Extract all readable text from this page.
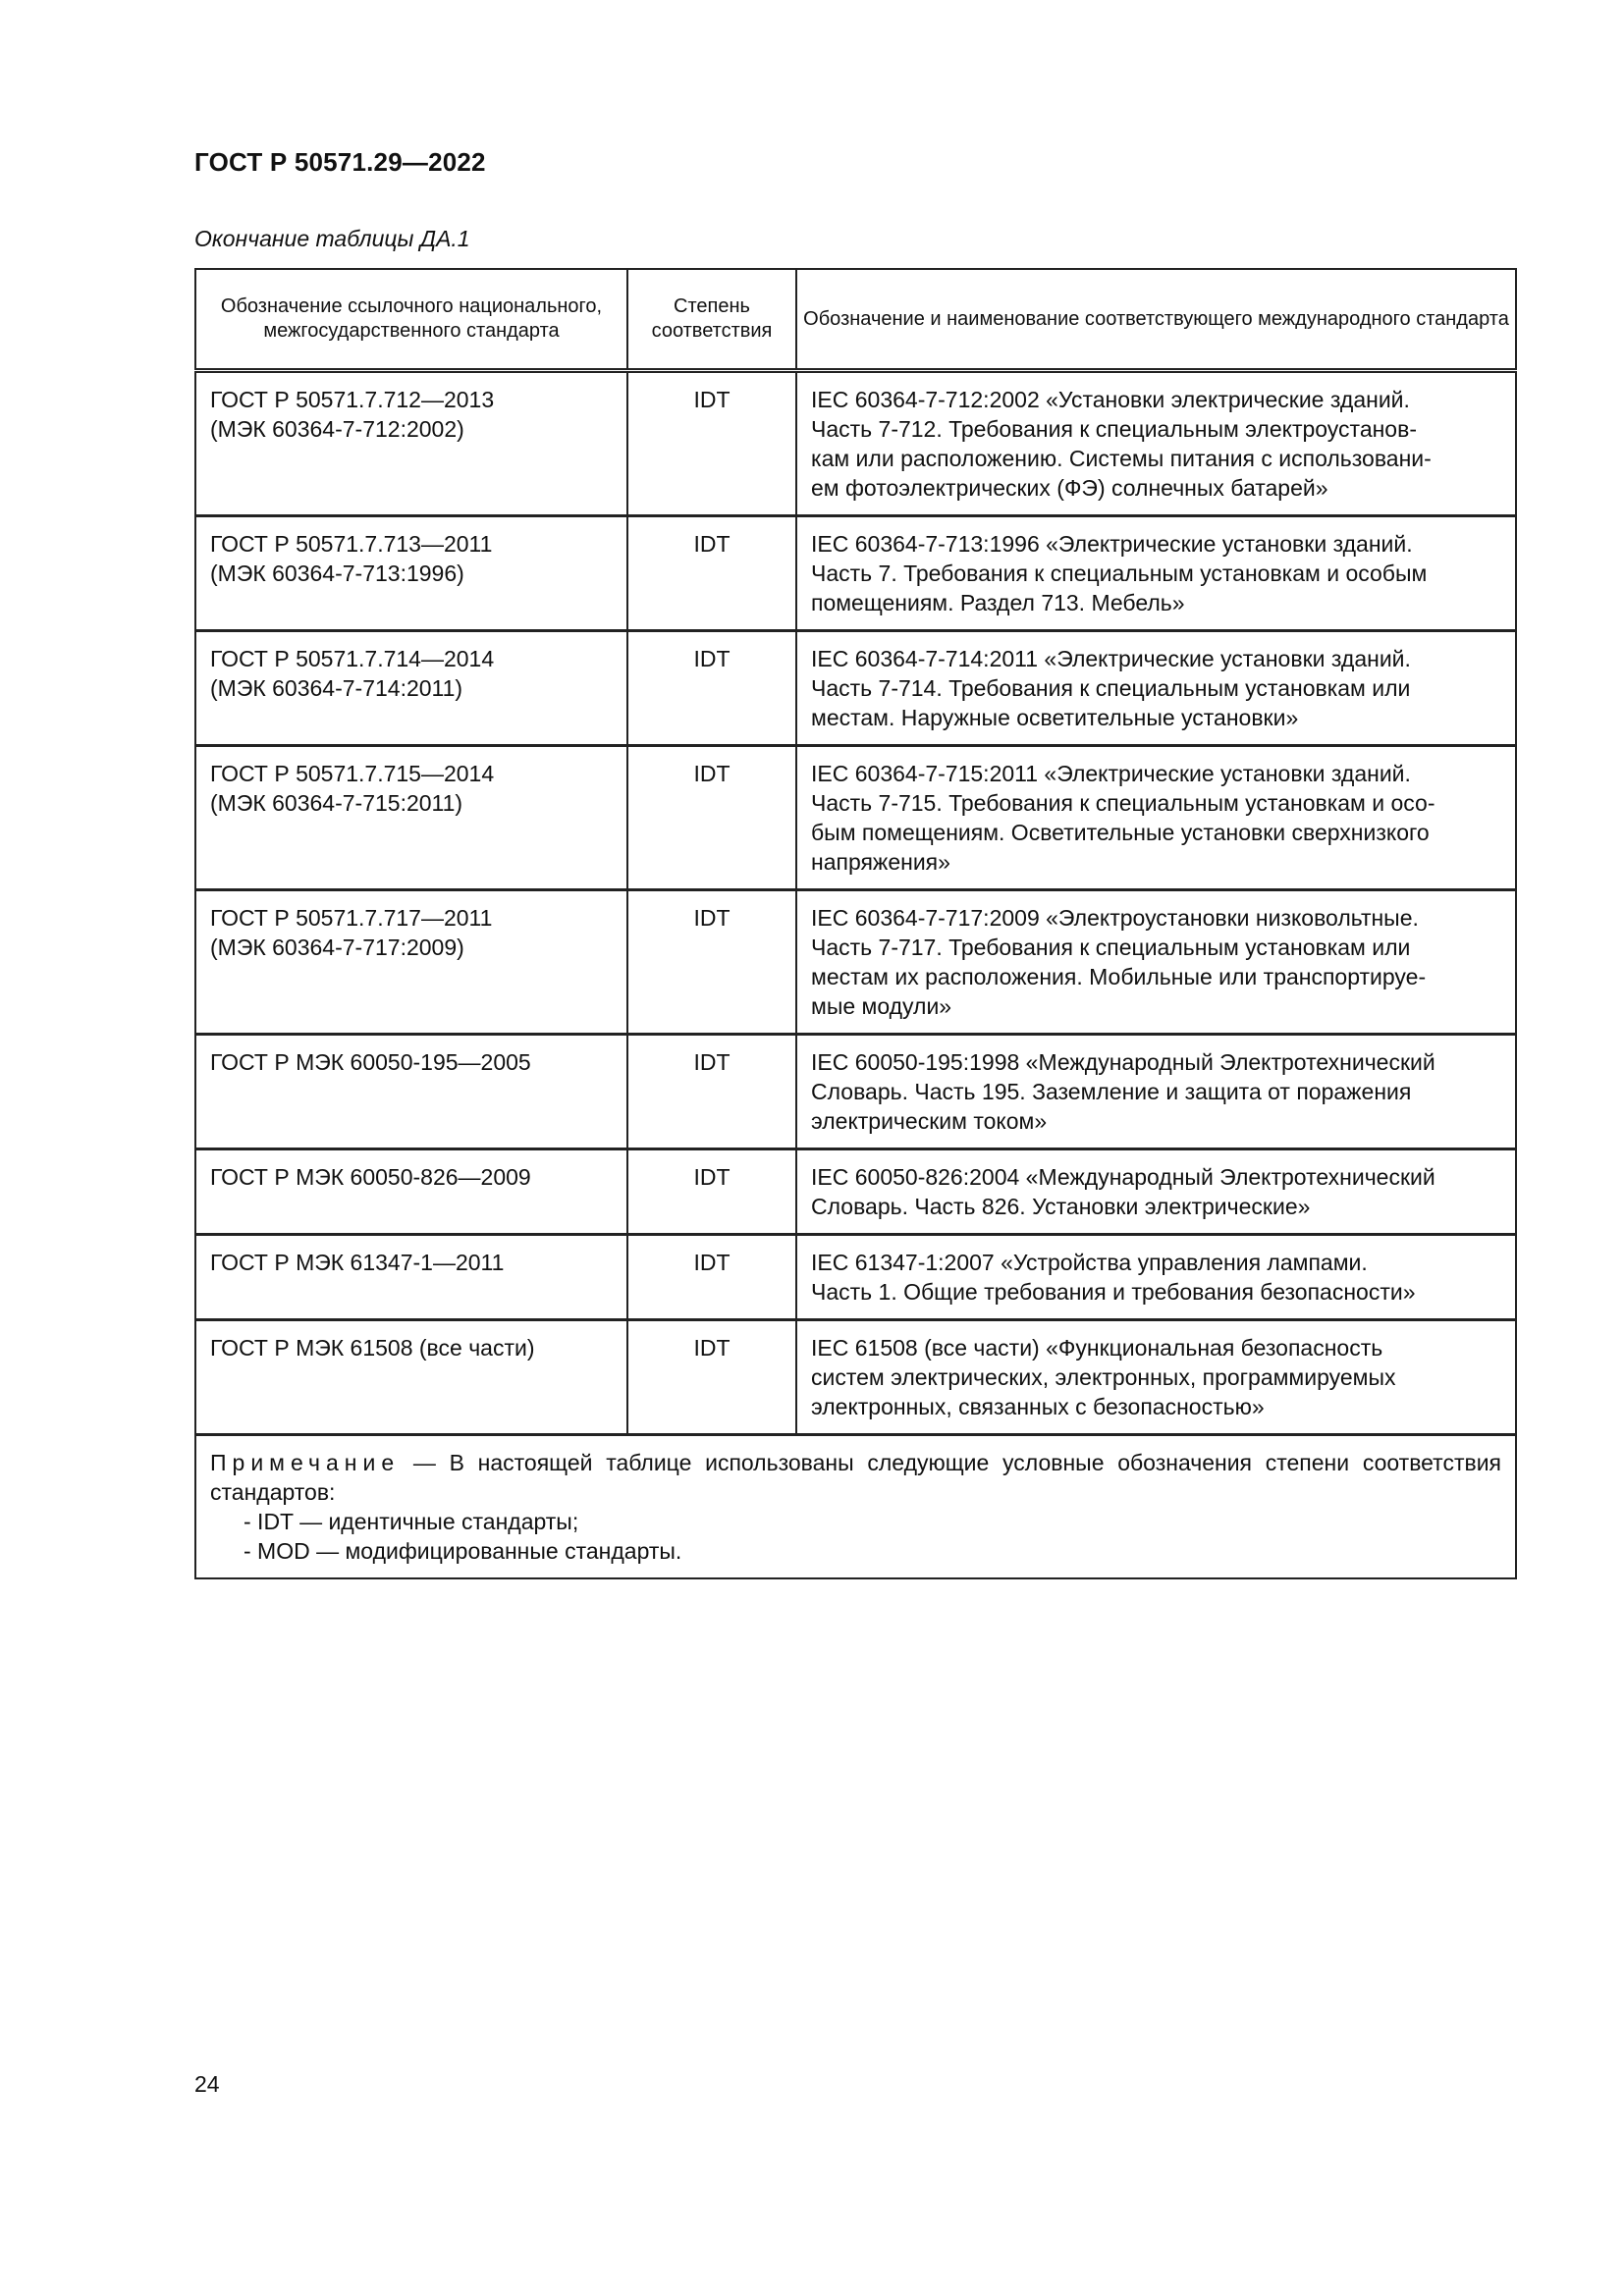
ГОСТ Р 50571.29—2022

Окончание таблицы ДА.1

Обозначение ссылочного национального, межгосударственного стандарта	Степень соответствия	Обозначение и наименование соответствующего международного стандарта

ГОСТ Р 50571.7.712—2013
(МЭК 60364-7-712:2002)	IDT	IEC 60364-7-712:2002 «Установки электрические зданий.
Часть 7-712. Требования к специальным электроустанов-
кам или расположению. Системы питания с использовани-
ем фотоэлектрических (ФЭ) солнечных батарей»

ГОСТ Р 50571.7.713—2011
(МЭК 60364-7-713:1996)	IDT	IEC 60364-7-713:1996 «Электрические установки зданий.
Часть 7. Требования к специальным установкам и особым
помещениям. Раздел 713. Мебель»

ГОСТ Р 50571.7.714—2014
(МЭК 60364-7-714:2011)	IDT	IEC 60364-7-714:2011 «Электрические установки зданий.
Часть 7-714. Требования к специальным установкам или
местам. Наружные осветительные установки»

ГОСТ Р 50571.7.715—2014
(МЭК 60364-7-715:2011)	IDT	IEC 60364-7-715:2011 «Электрические установки зданий.
Часть 7-715. Требования к специальным установкам и осо-
бым помещениям. Осветительные установки сверхнизкого
напряжения»

ГОСТ Р 50571.7.717—2011
(МЭК 60364-7-717:2009)	IDT	IEC 60364-7-717:2009 «Электроустановки низковольтные.
Часть 7-717. Требования к специальным установкам или
местам их расположения. Мобильные или транспортируе-
мые модули»

ГОСТ Р МЭК 60050-195—2005	IDT	IEC 60050-195:1998 «Международный Электротехнический
Словарь. Часть 195. Заземление и защита от поражения
электрическим током»

ГОСТ Р МЭК 60050-826—2009	IDT	IEC 60050-826:2004 «Международный Электротехнический
Словарь. Часть 826. Установки электрические»

ГОСТ Р МЭК 61347-1—2011	IDT	IEC 61347-1:2007 «Устройства управления лампами.
Часть 1. Общие требования и требования безопасности»

ГОСТ Р МЭК 61508 (все части)	IDT	IEC 61508 (все части) «Функциональная безопасность
систем электрических, электронных, программируемых
электронных, связанных с безопасностью»

Примечание — В настоящей таблице использованы следующие условные обозначения степени соответствия стандартов:
- IDT — идентичные стандарты;
- MOD — модифицированные стандарты.		

24
